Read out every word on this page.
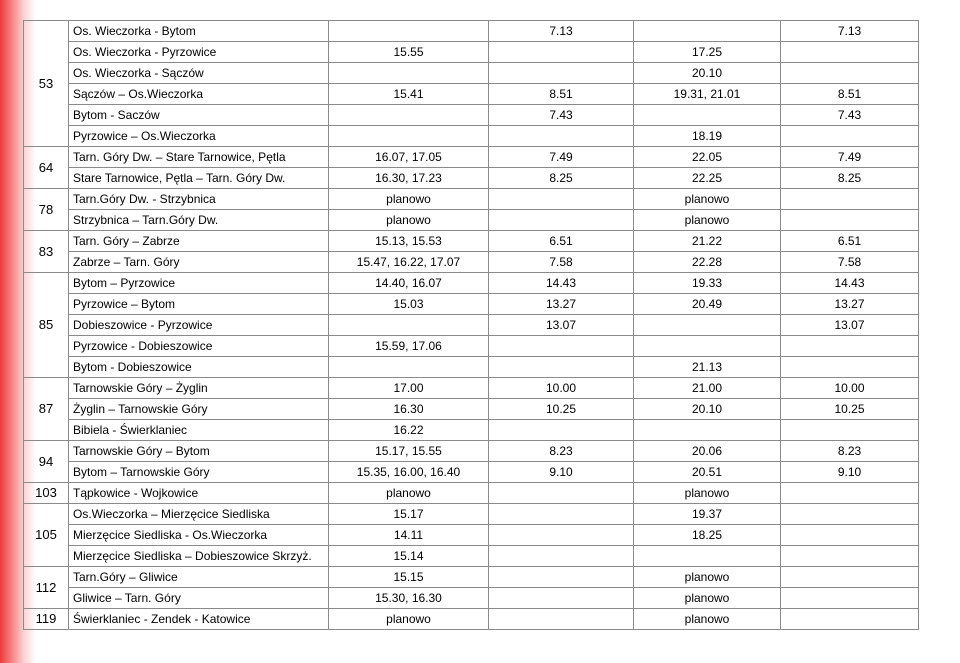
53	Os. Wieczorka - Bytom		7.13		7.13
	Os. Wieczorka - Pyrzowice	15.55		17.25	
	Os. Wieczorka - Sączów			20.10	
	Sączów – Os.Wieczorka	15.41	8.51	19.31, 21.01	8.51
	Bytom - Saczów		7.43		7.43
	Pyrzowice – Os.Wieczorka			18.19	
64	Tarn. Góry Dw. – Stare Tarnowice, Pętla	16.07, 17.05	7.49	22.05	7.49
	Stare Tarnowice, Pętla – Tarn. Góry Dw.	16.30, 17.23	8.25	22.25	8.25
78	Tarn.Góry Dw. - Strzybnica	planowo		planowo	
	Strzybnica – Tarn.Góry Dw.	planowo		planowo	
83	Tarn. Góry – Zabrze	15.13, 15.53	6.51	21.22	6.51
	Zabrze – Tarn. Góry	15.47, 16.22, 17.07	7.58	22.28	7.58
85	Bytom – Pyrzowice	14.40, 16.07	14.43	19.33	14.43
	Pyrzowice – Bytom	15.03	13.27	20.49	13.27
	Dobieszowice - Pyrzowice		13.07		13.07
	Pyrzowice - Dobieszowice	15.59, 17.06			
	Bytom - Dobieszowice			21.13	
87	Tarnowskie Góry – Żyglin	17.00	10.00	21.00	10.00
	Żyglin – Tarnowskie Góry	16.30	10.25	20.10	10.25
	Bibiela - Świerklaniec	16.22			
94	Tarnowskie Góry – Bytom	15.17, 15.55	8.23	20.06	8.23
	Bytom – Tarnowskie Góry	15.35, 16.00, 16.40	9.10	20.51	9.10
103	Tąpkowice - Wojkowice	planowo		planowo	
105	Os.Wieczorka – Mierzęcice Siedliska	15.17		19.37	
	Mierzęcice Siedliska - Os.Wieczorka	14.11		18.25	
	Mierzęcice Siedliska – Dobieszowice Skrzyż.	15.14			
112	Tarn.Góry – Gliwice	15.15		planowo	
	Gliwice – Tarn. Góry	15.30, 16.30		planowo	
119	Świerklaniec - Zendek - Katowice	planowo		planowo	
